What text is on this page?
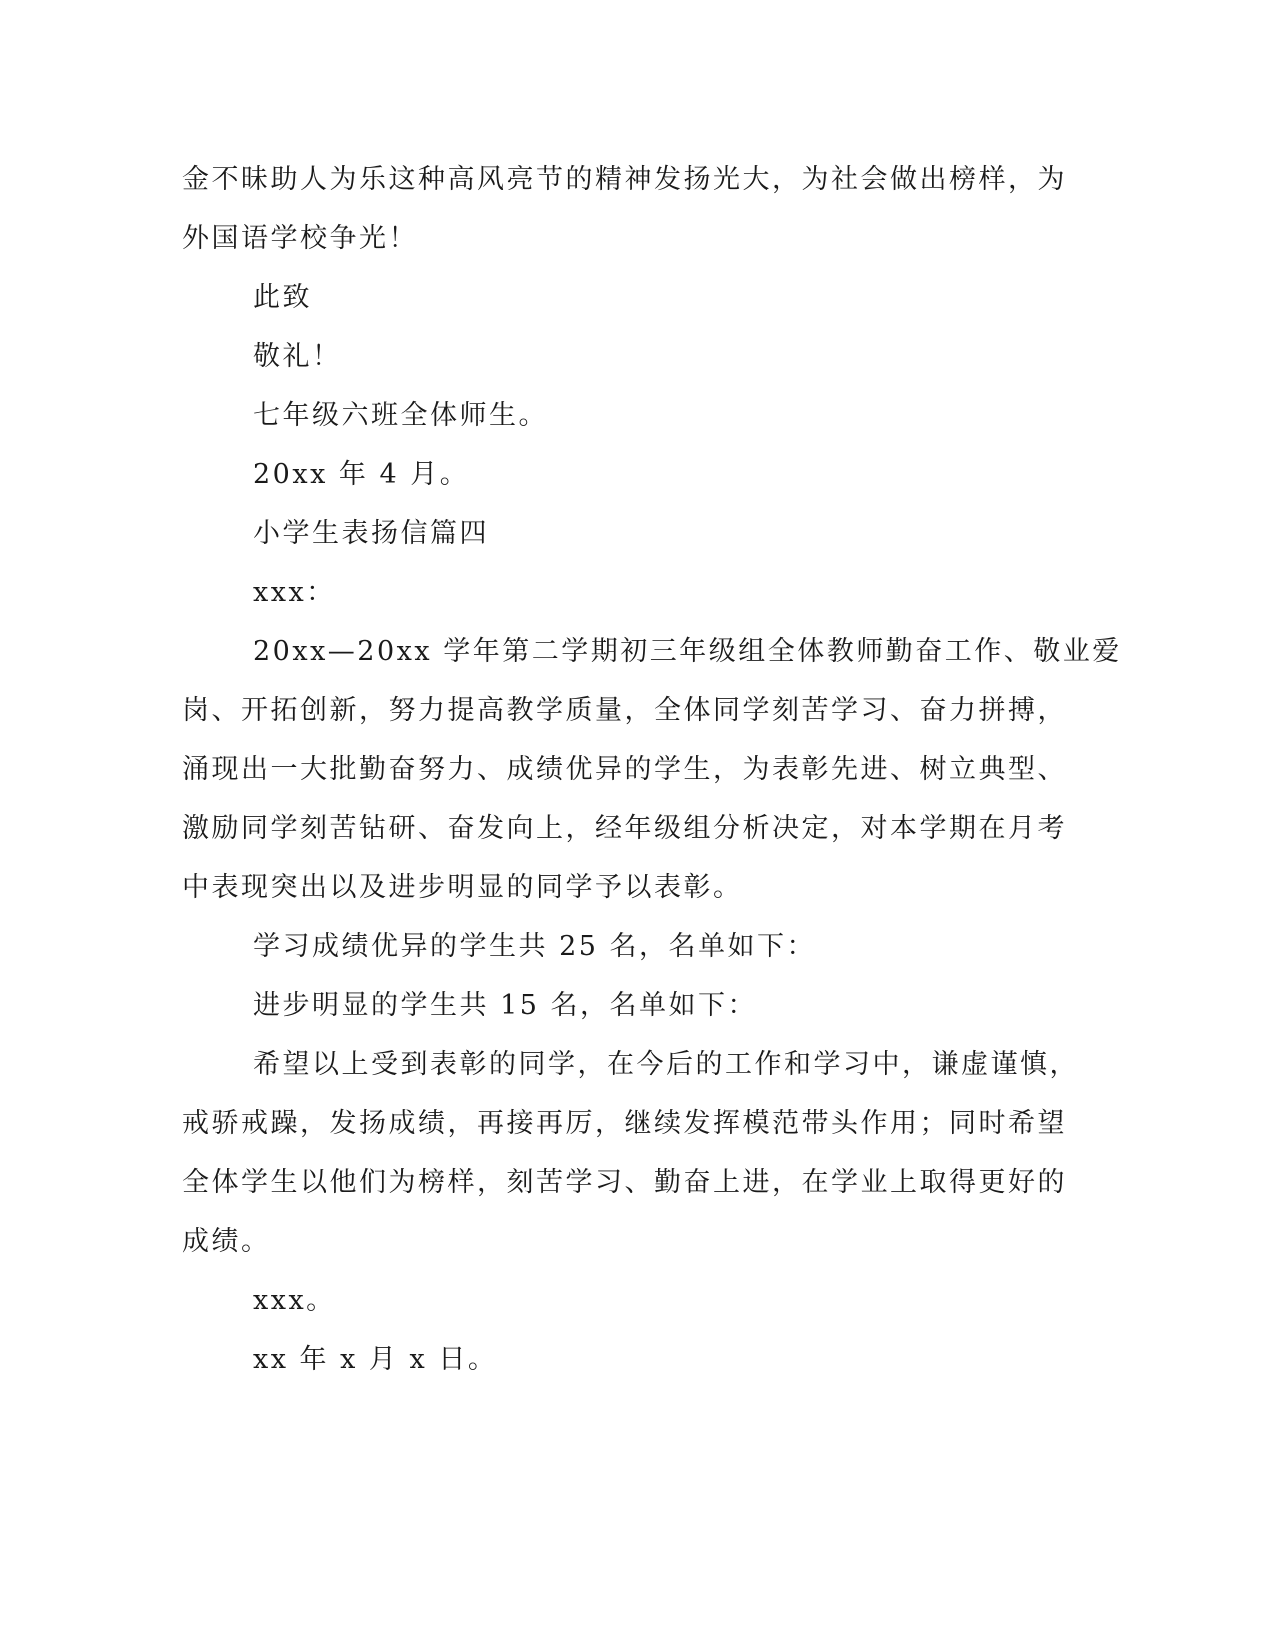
金不昧助人为乐这种高风亮节的精神发扬光大，为社会做出榜样，为
外国语学校争光！
此致
敬礼！
七年级六班全体师生。
20xx 年 4 月。
小学生表扬信篇四
xxx：
20xx—20xx 学年第二学期初三年级组全体教师勤奋工作、敬业爱
岗、开拓创新，努力提高教学质量，全体同学刻苦学习、奋力拼搏，
涌现出一大批勤奋努力、成绩优异的学生，为表彰先进、树立典型、
激励同学刻苦钻研、奋发向上，经年级组分析决定，对本学期在月考
中表现突出以及进步明显的同学予以表彰。
学习成绩优异的学生共 25 名，名单如下：
进步明显的学生共 15 名，名单如下：
希望以上受到表彰的同学，在今后的工作和学习中，谦虚谨慎，
戒骄戒躁，发扬成绩，再接再厉，继续发挥模范带头作用；同时希望
全体学生以他们为榜样，刻苦学习、勤奋上进，在学业上取得更好的
成绩。
xxx。
xx 年 x 月 x 日。
